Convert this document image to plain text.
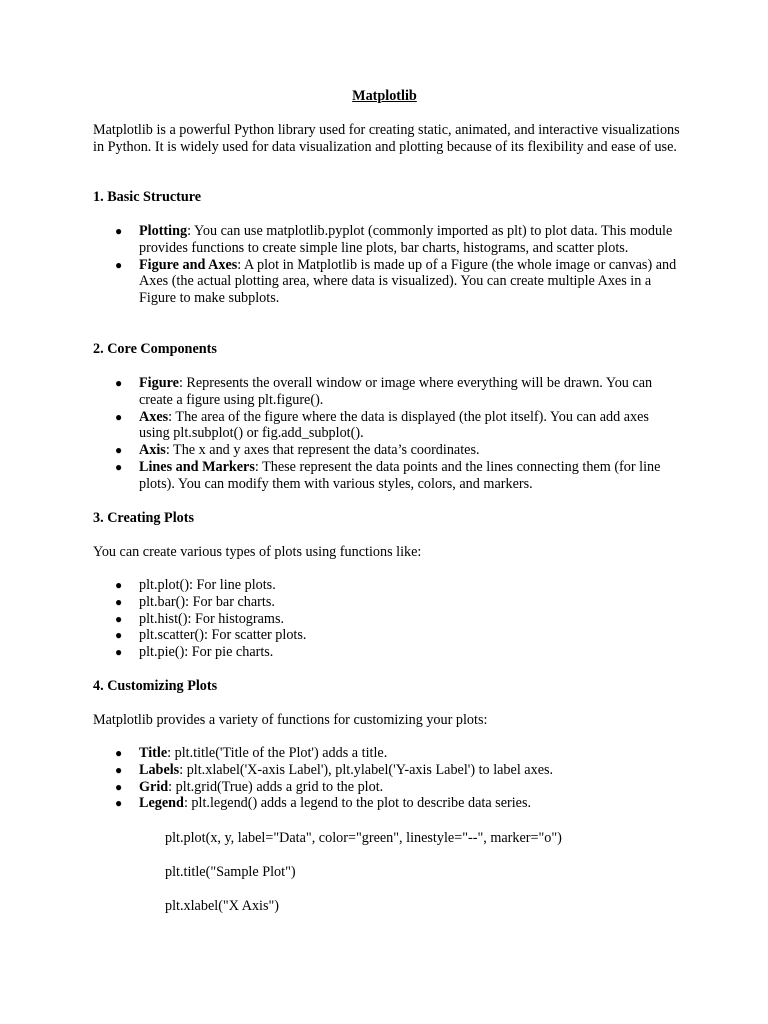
Matplotlib

Matplotlib is a powerful Python library used for creating static, animated, and interactive visualizations in Python. It is widely used for data visualization and plotting because of its flexibility and ease of use.

1. Basic Structure
● Plotting: You can use matplotlib.pyplot (commonly imported as plt) to plot data. This module provides functions to create simple line plots, bar charts, histograms, and scatter plots.
● Figure and Axes: A plot in Matplotlib is made up of a Figure (the whole image or canvas) and Axes (the actual plotting area, where data is visualized). You can create multiple Axes in a Figure to make subplots.
2. Core Components
● Figure: Represents the overall window or image where everything will be drawn. You can create a figure using plt.figure().
● Axes: The area of the figure where the data is displayed (the plot itself). You can add axes using plt.subplot() or fig.add_subplot().
● Axis: The x and y axes that represent the data’s coordinates.
● Lines and Markers: These represent the data points and the lines connecting them (for line plots). You can modify them with various styles, colors, and markers.
3. Creating Plots

You can create various types of plots using functions like:

● plt.plot(): For line plots.
● plt.bar(): For bar charts.
● plt.hist(): For histograms.
● plt.scatter(): For scatter plots.
● plt.pie(): For pie charts.
4. Customizing Plots

Matplotlib provides a variety of functions for customizing your plots:

● Title: plt.title('Title of the Plot') adds a title.
● Labels: plt.xlabel('X-axis Label'), plt.ylabel('Y-axis Label') to label axes.
● Grid: plt.grid(True) adds a grid to the plot.
● Legend: plt.legend() adds a legend to the plot to describe data series.
plt.plot(x, y, label="Data", color="green", linestyle="--", marker="o")
plt.title("Sample Plot")
plt.xlabel("X Axis")
